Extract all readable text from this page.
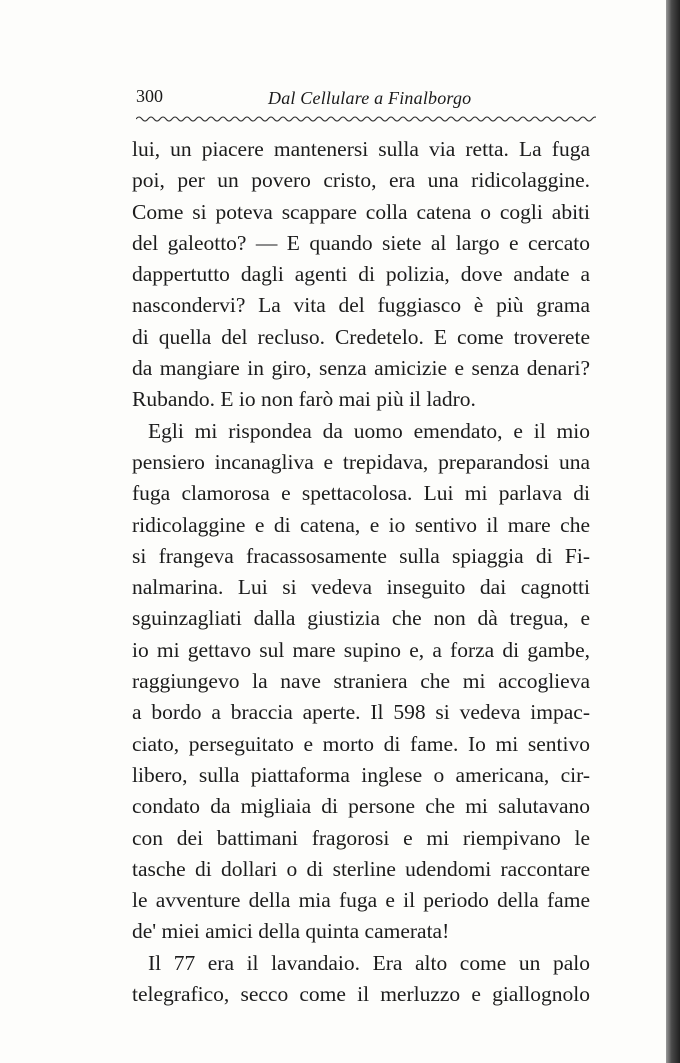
300	Dal Cellulare a Finalborgo
lui, un piacere mantenersi sulla via retta. La fuga
poi, per un povero cristo, era una ridicolaggine.
Come si poteva scappare colla catena o cogli abiti
del galeotto? — E quando siete al largo e cercato
dappertutto dagli agenti di polizia, dove andate a
nascondervi? La vita del fuggiasco è più grama
di quella del recluso. Credetelo. E come troverete
da mangiare in giro, senza amicizie e senza denari?
Rubando. E io non farò mai più il ladro.
Egli mi rispondea da uomo emendato, e il mio
pensiero incanagliva e trepidava, preparandosi una
fuga clamorosa e spettacolosa. Lui mi parlava di
ridicolaggine e di catena, e io sentivo il mare che
si frangeva fracassosamente sulla spiaggia di Fi-
nalmarina. Lui si vedeva inseguito dai cagnotti
sguinzagliati dalla giustizia che non dà tregua, e
io mi gettavo sul mare supino e, a forza di gambe,
raggiungevo la nave straniera che mi accoglieva
a bordo a braccia aperte. Il 598 si vedeva impac-
ciato, perseguitato e morto di fame. Io mi sentivo
libero, sulla piattaforma inglese o americana, cir-
condato da migliaia di persone che mi salutavano
con dei battimani fragorosi e mi riempivano le
tasche di dollari o di sterline udendomi raccontare
le avventure della mia fuga e il periodo della fame
de' miei amici della quinta camerata!
Il 77 era il lavandaio. Era alto come un palo
telegrafico, secco come il merluzzo e giallognolo
